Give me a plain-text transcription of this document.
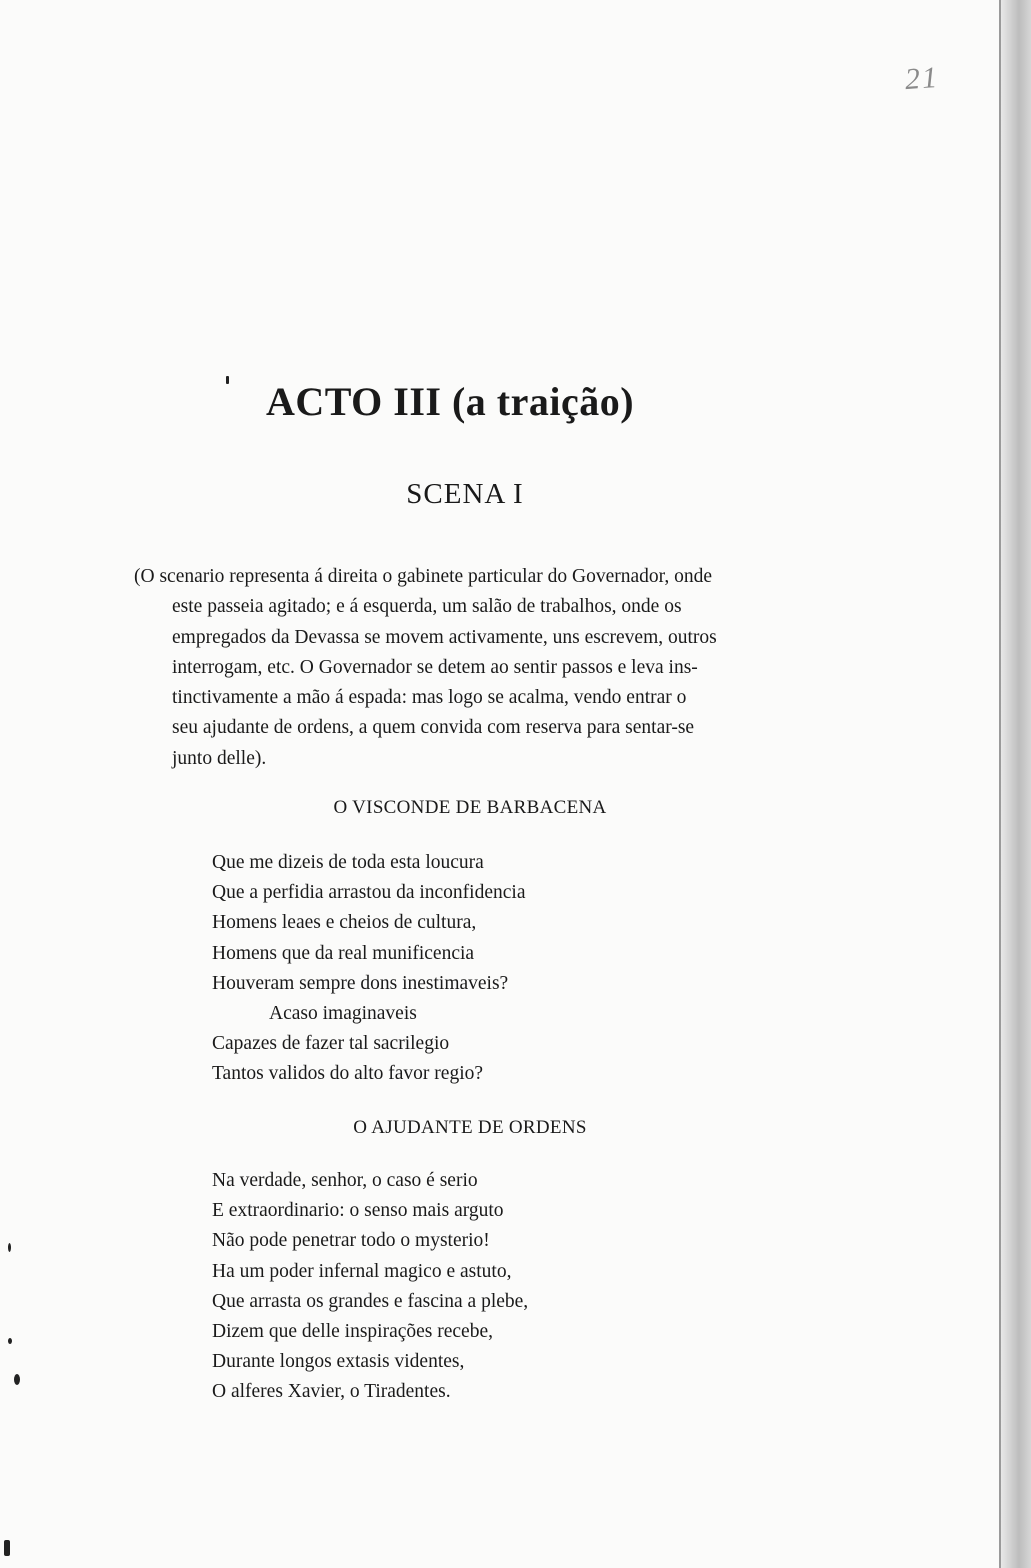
21
ACTO III (a traição)
SCENA I
(O scenario representa á direita o gabinete particular do Governador, onde
este passeia agitado; e á esquerda, um salão de trabalhos, onde os
empregados da Devassa se movem activamente, uns escrevem, outros
interrogam, etc. O Governador se detem ao sentir passos e leva ins-
tinctivamente a mão á espada: mas logo se acalma, vendo entrar o
seu ajudante de ordens, a quem convida com reserva para sentar-se
junto delle).
O VISCONDE DE BARBACENA
Que me dizeis de toda esta loucura
Que a perfidia arrastou da inconfidencia
Homens leaes e cheios de cultura,
Homens que da real munificencia
Houveram sempre dons inestimaveis?
Acaso imaginaveis
Capazes de fazer tal sacrilegio
Tantos validos do alto favor regio?
O AJUDANTE DE ORDENS
Na verdade, senhor, o caso é serio
E extraordinario: o senso mais arguto
Não pode penetrar todo o mysterio!
Ha um poder infernal magico e astuto,
Que arrasta os grandes e fascina a plebe,
Dizem que delle inspirações recebe,
Durante longos extasis videntes,
O alferes Xavier, o Tiradentes.
